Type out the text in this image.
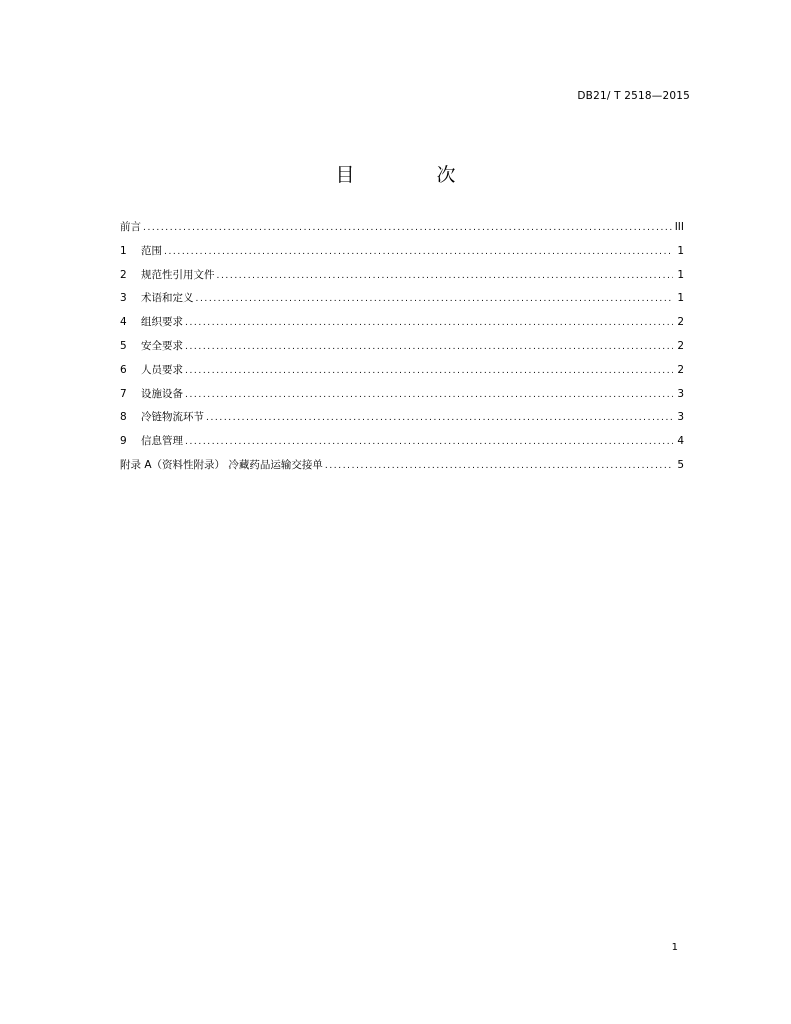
DB21/ T 2518—2015
目 次
前言 .....	III
1	范围 .....	1
2	规范性引用文件 .....	1
3	术语和定义 .....	1
4	组织要求 .....	2
5	安全要求 .....	2
6	人员要求 .....	2
7	设施设备 .....	3
8	冷链物流环节 .....	3
9	信息管理 .....	4
附录 A（资料性附录） 冷藏药品运输交接单 .....	5
1
